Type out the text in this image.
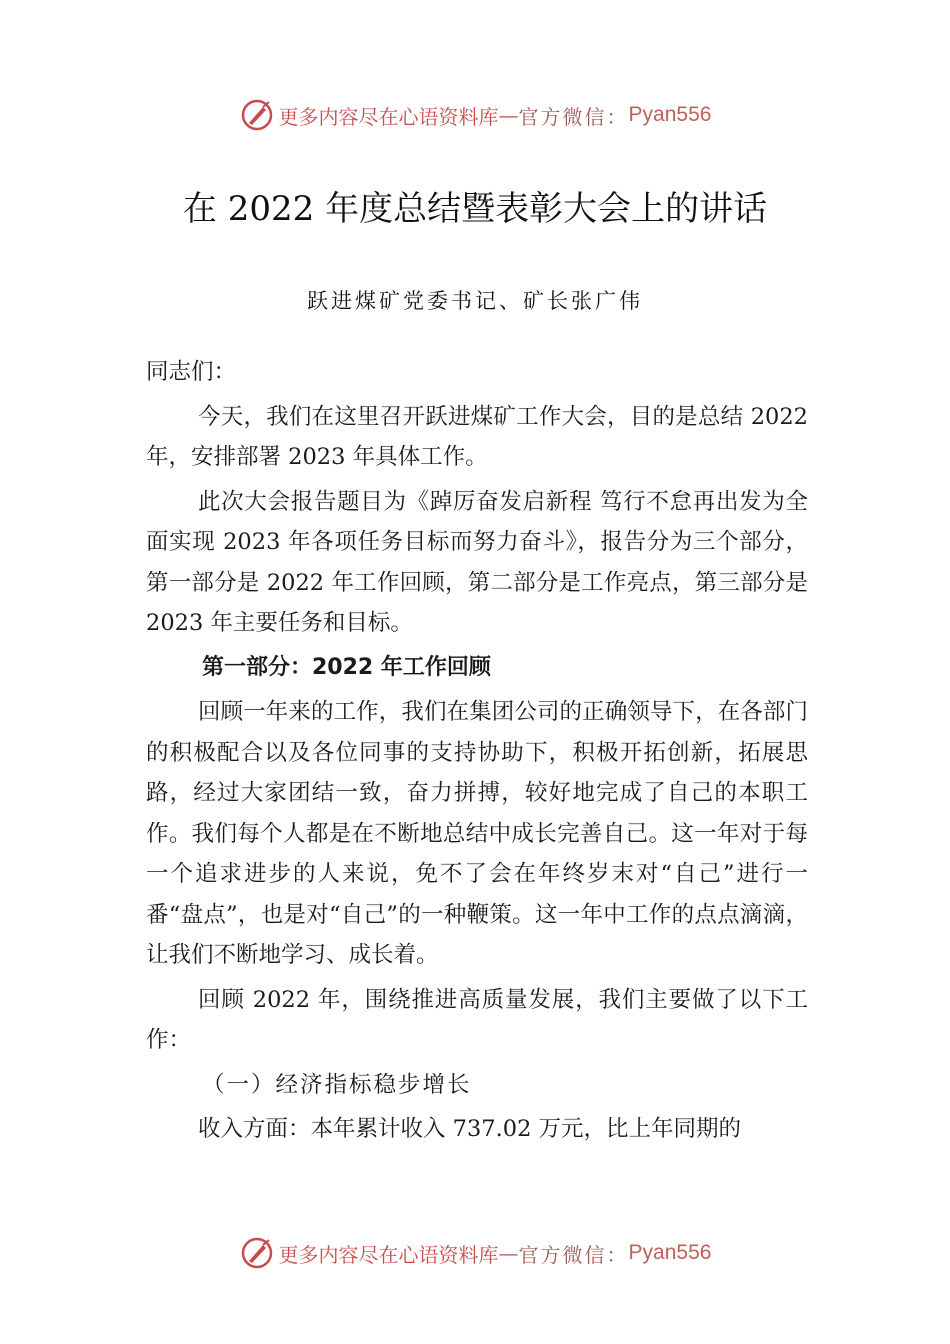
更多内容尽在心语资料库 — 官方微信： Pyan556
在 2022 年度总结暨表彰大会上的讲话
跃进煤矿党委书记、矿长张广伟

同志们：

今天，我们在这里召开跃进煤矿工作大会，目的是总结 2022 年，安排部署 2023 年具体工作。

此次大会报告题目为《踔厉奋发启新程 笃行不怠再出发为全面实现 2023 年各项任务目标而努力奋斗》，报告分为三个部分，第一部分是 2022 年工作回顾，第二部分是工作亮点，第三部分是 2023 年主要任务和目标。

第一部分：2022 年工作回顾

回顾一年来的工作，我们在集团公司的正确领导下，在各部门的积极配合以及各位同事的支持协助下，积极开拓创新，拓展思路，经过大家团结一致，奋力拼搏，较好地完成了自己的本职工作。我们每个人都是在不断地总结中成长完善自己。这一年对于每一个追求进步的人来说，免不了会在年终岁末对“自己”进行一番“盘点”，也是对“自己”的一种鞭策。这一年中工作的点点滴滴，让我们不断地学习、成长着。

回顾 2022 年，围绕推进高质量发展，我们主要做了以下工作：

（一）经济指标稳步增长

收入方面：本年累计收入 737.02 万元，比上年同期的

更多内容尽在心语资料库 — 官方微信： Pyan556
